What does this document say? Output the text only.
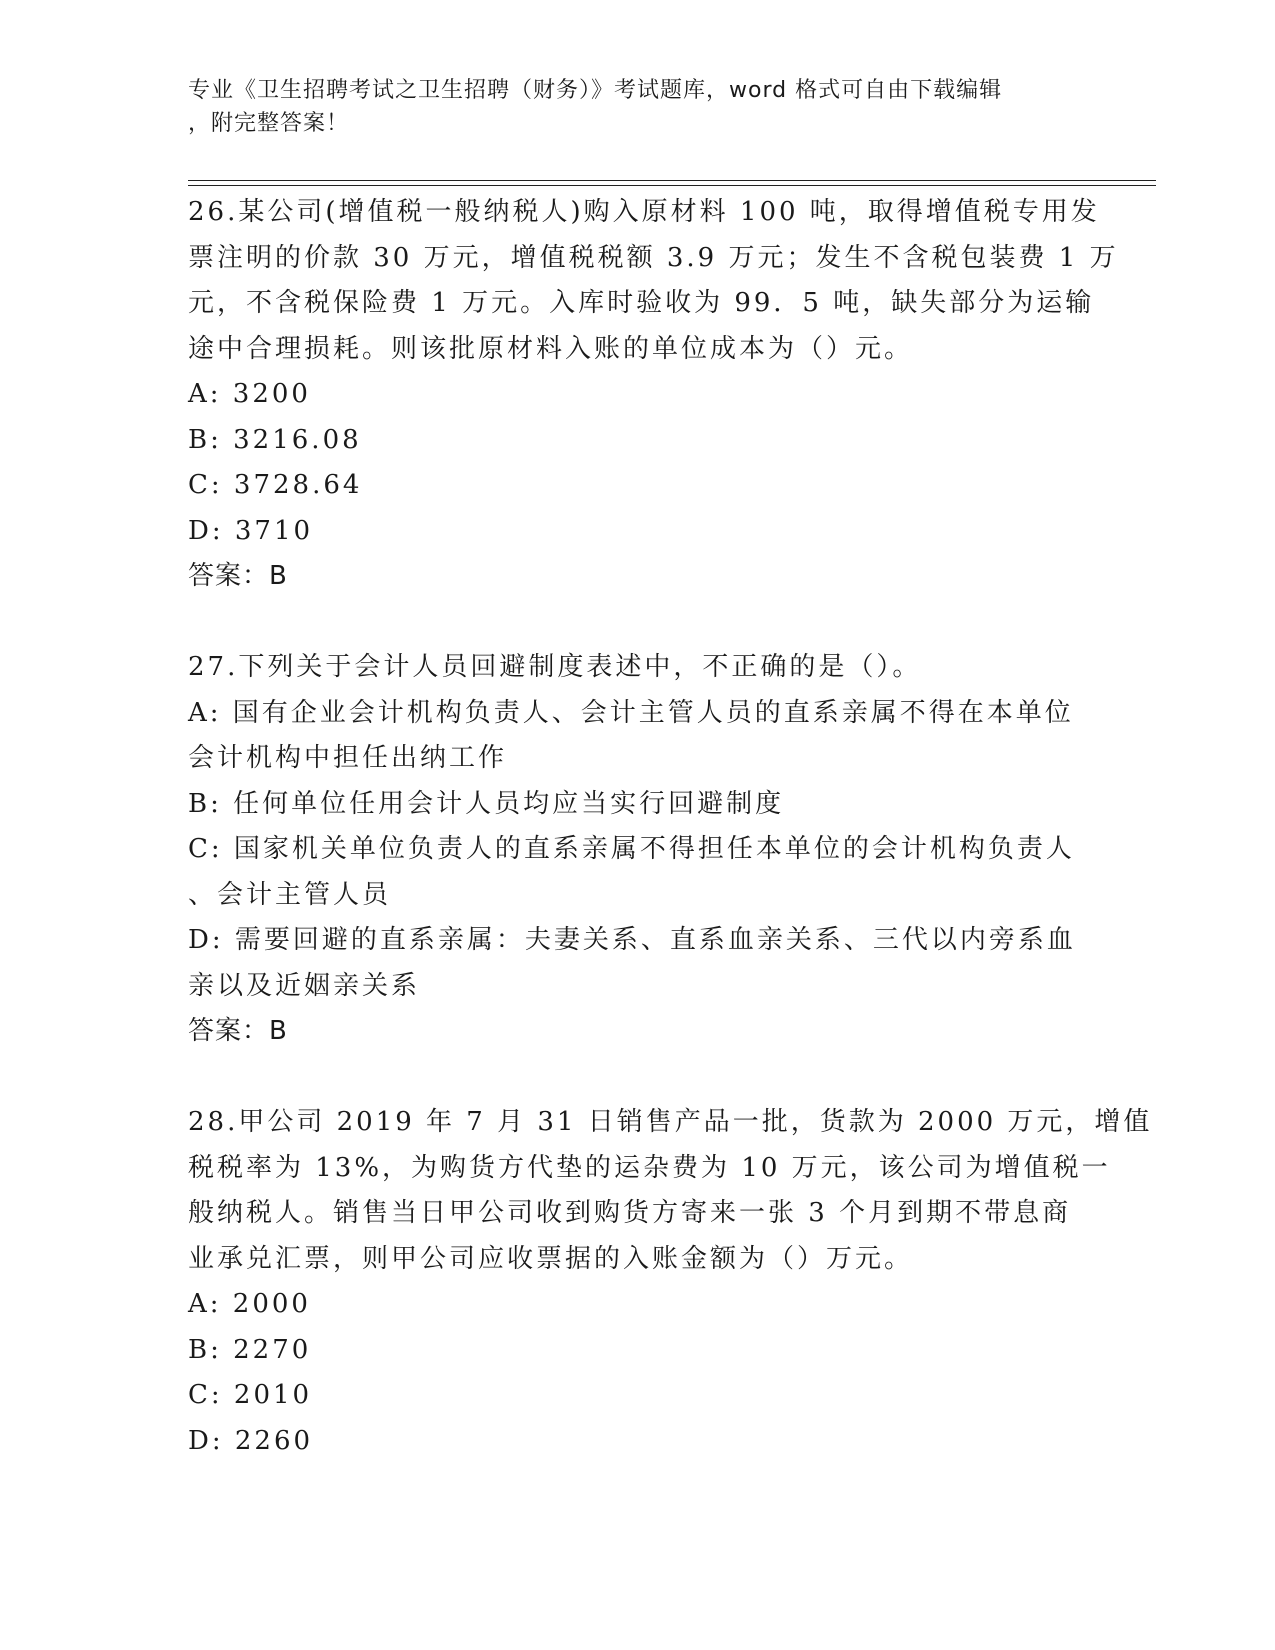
专业《卫生招聘考试之卫生招聘（财务）》考试题库，word 格式可自由下载编辑
，附完整答案！
26.某公司(增值税一般纳税人)购入原材料 100 吨，取得增值税专用发
票注明的价款 30 万元，增值税税额 3.9 万元；发生不含税包装费 1 万
元，不含税保险费 1 万元。入库时验收为 99．5 吨，缺失部分为运输
途中合理损耗。则该批原材料入账的单位成本为（）元。
A: 3200
B: 3216.08
C: 3728.64
D: 3710
答案：B
27.下列关于会计人员回避制度表述中，不正确的是（）。
A: 国有企业会计机构负责人、会计主管人员的直系亲属不得在本单位
会计机构中担任出纳工作
B: 任何单位任用会计人员均应当实行回避制度
C: 国家机关单位负责人的直系亲属不得担任本单位的会计机构负责人
、会计主管人员
D: 需要回避的直系亲属：夫妻关系、直系血亲关系、三代以内旁系血
亲以及近姻亲关系
答案：B
28.甲公司 2019 年 7 月 31 日销售产品一批，货款为 2000 万元，增值
税税率为 13%，为购货方代垫的运杂费为 10 万元，该公司为增值税一
般纳税人。销售当日甲公司收到购货方寄来一张 3 个月到期不带息商
业承兑汇票，则甲公司应收票据的入账金额为（）万元。
A: 2000
B: 2270
C: 2010
D: 2260
